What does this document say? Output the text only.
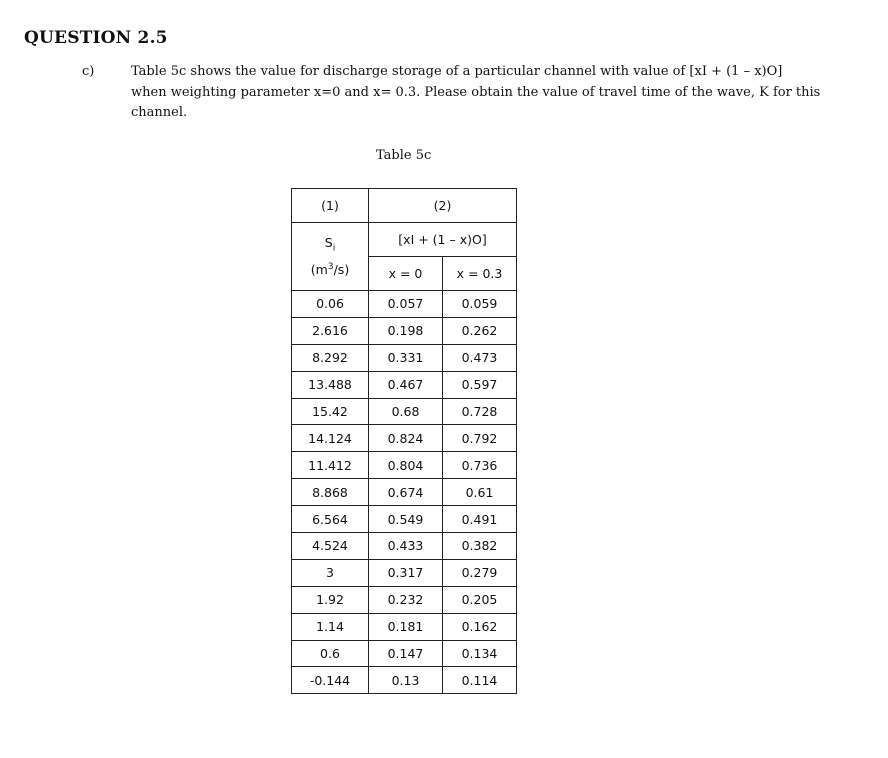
QUESTION 2.5
c)	Table 5c shows the value for discharge storage of a particular channel with value of [xI + (1 – x)O] when weighting parameter x=0 and x= 0.3. Please obtain the value of travel time of the wave, K for this channel.
Table 5c
(1)	(2)	

$S_i$
$(m^3/s)$	[xI + (1 – x)O]	
	x = 0	x = 0.3
0.06	0.057	0.059
2.616	0.198	0.262
8.292	0.331	0.473
13.488	0.467	0.597
15.42	0.68	0.728
14.124	0.824	0.792
11.412	0.804	0.736
8.868	0.674	0.61
6.564	0.549	0.491
4.524	0.433	0.382
3	0.317	0.279
1.92	0.232	0.205
1.14	0.181	0.162
0.6	0.147	0.134
-0.144	0.13	0.114
